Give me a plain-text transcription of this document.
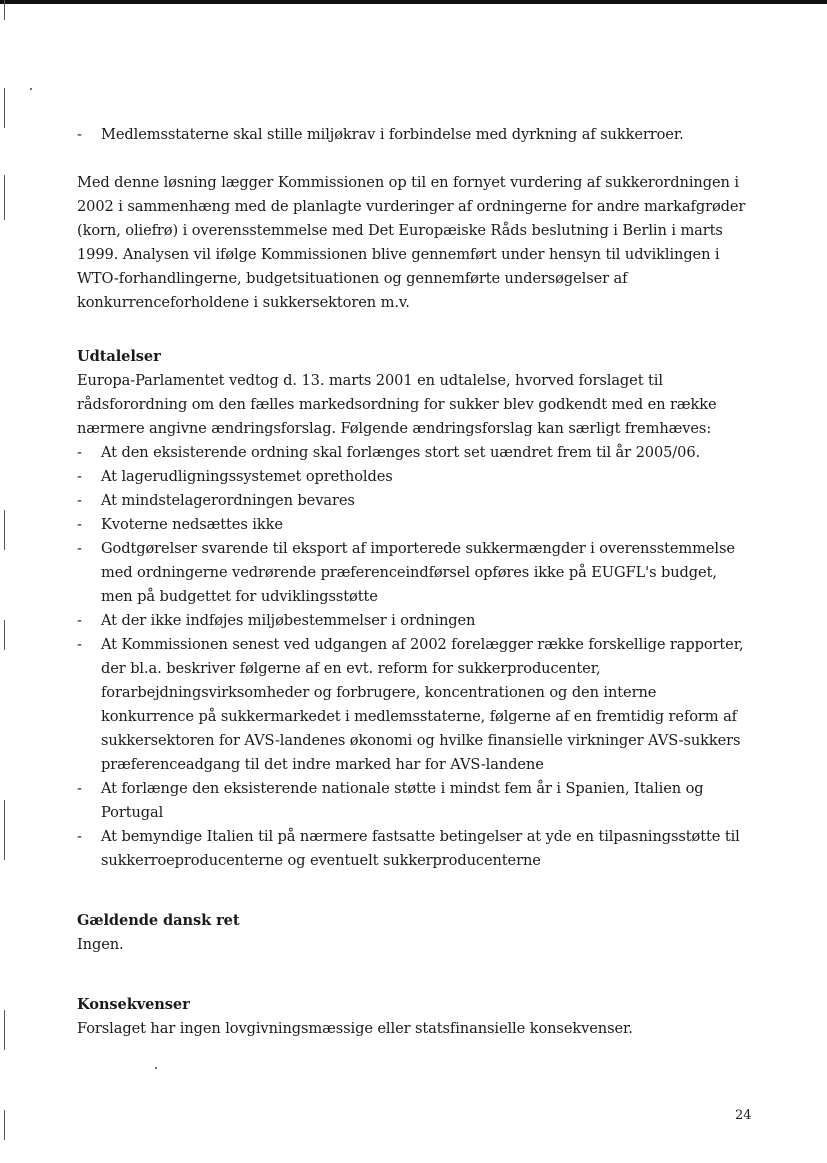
- Medlemsstaterne skal stille miljøkrav i forbindelse med dyrkning af sukkerroer.

Med denne løsning lægger Kommissionen op til en fornyet vurdering af sukkerordningen i 2002 i sammenhæng med de planlagte vurderinger af ordningerne for andre markafgrøder (korn, oliefrø) i overensstemmelse med Det Europæiske Råds beslutning i Berlin i marts 1999. Analysen vil ifølge Kommissionen blive gennemført under hensyn til udviklingen i WTO-forhandlingerne, budgetsituationen og gennemførte undersøgelser af konkurrenceforholdene i sukkersektoren m.v.

Udtalelser

Europa-Parlamentet vedtog d. 13. marts 2001 en udtalelse, hvorved forslaget til rådsforordning om den fælles markedsordning for sukker blev godkendt med en række nærmere angivne ændringsforslag. Følgende ændringsforslag kan særligt fremhæves:

- At den eksisterende ordning skal forlænges stort set uændret frem til år 2005/06.
- At lagerudligningssystemet opretholdes
- At mindstelagerordningen bevares
- Kvoterne nedsættes ikke
- Godtgørelser svarende til eksport af importerede sukkermængder i overensstemmelse med ordningerne vedrørende præferenceindførsel opføres ikke på EUGFL's budget, men på budgettet for udviklingsstøtte
- At der ikke indføjes miljøbestemmelser i ordningen
- At Kommissionen senest ved udgangen af 2002 forelægger række forskellige rapporter, der bl.a. beskriver følgerne af en evt. reform for sukkerproducenter, forarbejdningsvirksomheder og forbrugere, koncentrationen og den interne konkurrence på sukkermarkedet i medlemsstaterne, følgerne af en fremtidig reform af sukkersektoren for AVS-landenes økonomi og hvilke finansielle virkninger AVS-sukkers præferenceadgang til det indre marked har for AVS-landene
- At forlænge den eksisterende nationale støtte i mindst fem år i Spanien, Italien og Portugal
- At bemyndige Italien til på nærmere fastsatte betingelser at yde en tilpasningsstøtte til sukkerroeproducenterne og eventuelt sukkerproducenterne
Gældende dansk ret

Ingen.

Konsekvenser

Forslaget har ingen lovgivningsmæssige eller statsfinansielle konsekvenser.

24
